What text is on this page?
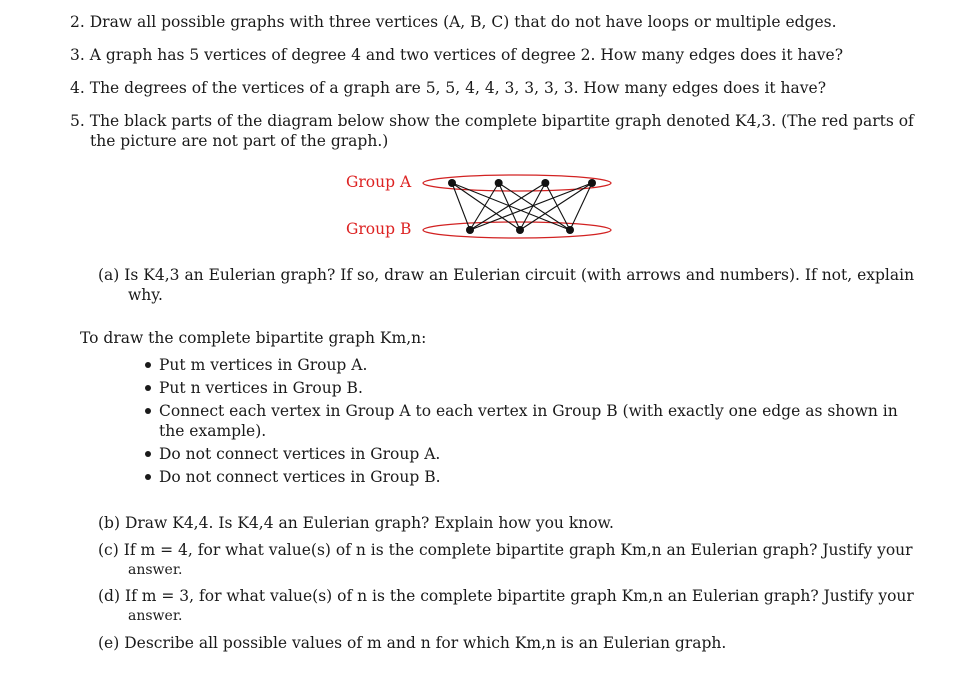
2. Draw all possible graphs with three vertices (A, B, C) that do not have loops or multiple edges.
3. A graph has 5 vertices of degree 4 and two vertices of degree 2. How many edges does it have?
4. The degrees of the vertices of a graph are 5, 5, 4, 4, 3, 3, 3, 3. How many edges does it have?
5. The black parts of the diagram below show the complete bipartite graph denoted K4,3. (The red parts of
the picture are not part of the graph.)
Group A
Group B
(a) Is K4,3 an Eulerian graph? If so, draw an Eulerian circuit (with arrows and numbers). If not, explain
why.
To draw the complete bipartite graph Km,n:
Put m vertices in Group A.
Put n vertices in Group B.
Connect each vertex in Group A to each vertex in Group B (with exactly one edge as shown in
the example).
Do not connect vertices in Group A.
Do not connect vertices in Group B.
(b) Draw K4,4. Is K4,4 an Eulerian graph? Explain how you know.
(c) If m = 4, for what value(s) of n is the complete bipartite graph Km,n an Eulerian graph? Justify your
answer.
(d) If m = 3, for what value(s) of n is the complete bipartite graph Km,n an Eulerian graph? Justify your
answer.
(e) Describe all possible values of m and n for which Km,n is an Eulerian graph.
